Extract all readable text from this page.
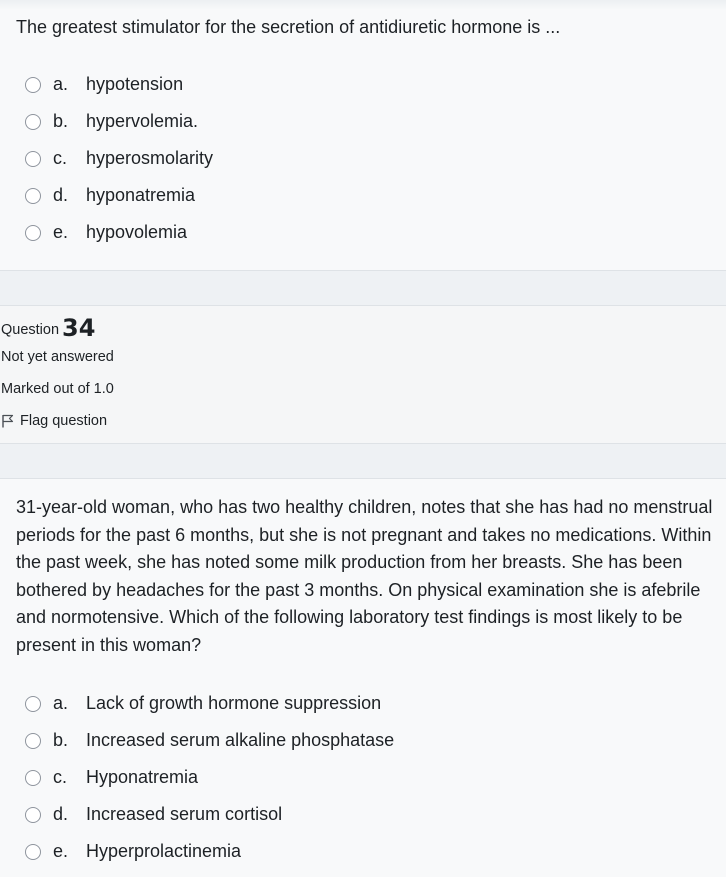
The greatest stimulator for the secretion of antidiuretic hormone is ...
a. hypotension
b. hypervolemia.
c.	hyperosmolarity
d. hyponatremia
e. hypovolemia
Question 34
Not yet answered
Marked out of 1.0
Flag question
31-year-old woman, who has two healthy children, notes that she has had no menstrual periods for the past 6 months, but she is not pregnant and takes no medications. Within the past week, she has noted some milk production from her breasts. She has been bothered by headaches for the past 3 months. On physical examination she is afebrile and normotensive. Which of the following laboratory test findings is most likely to be present in this woman?
a. Lack of growth hormone suppression
b. Increased serum alkaline phosphatase
c.	Hyponatremia
d. Increased serum cortisol
e. Hyperprolactinemia
